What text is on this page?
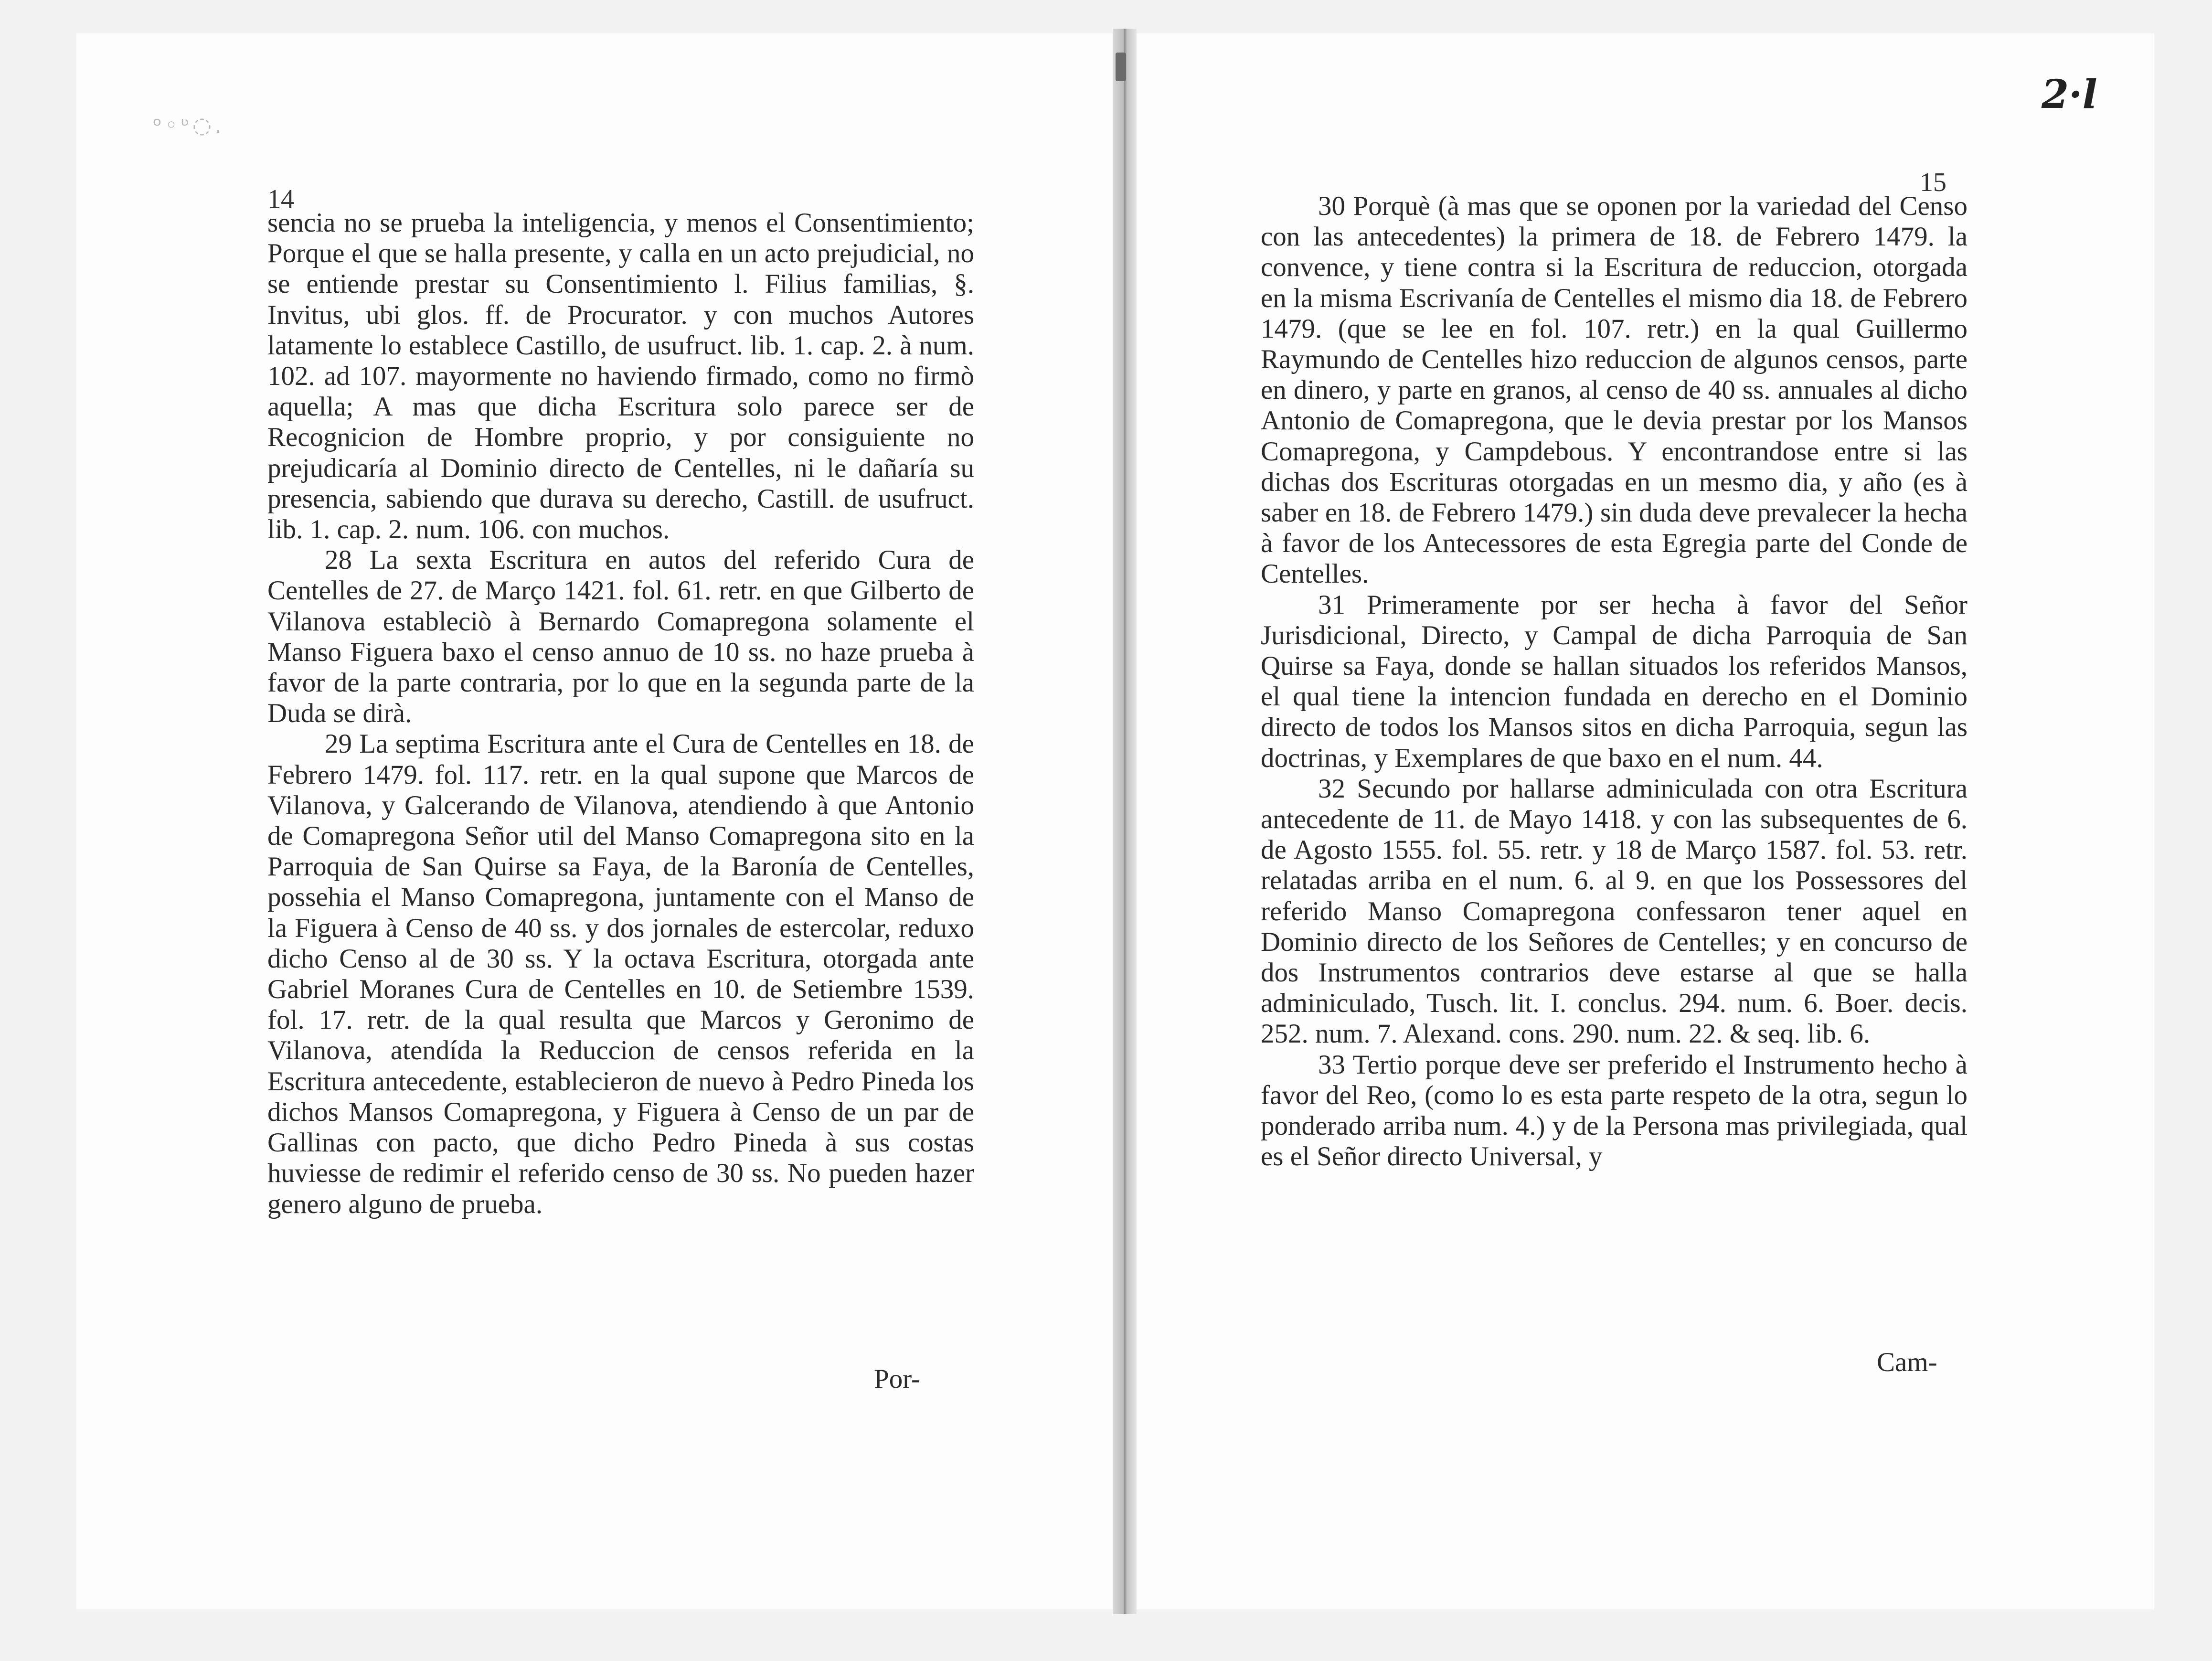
ᵒ◦ᶹ◌.
2·l
14
15

sencia no se prueba la inteligencia, y menos el Consentimiento; Porque el que se halla presente, y calla en un acto prejudicial, no se entiende prestar su Consentimiento l. Filius familias, §. Invitus, ubi glos. ff. de Procurator. y con muchos Autores latamente lo establece Castillo, de usufruct. lib. 1. cap. 2. à num. 102. ad 107. mayormente no haviendo firmado, como no firmò aquella; A mas que dicha Escritura solo parece ser de Recognicion de Hombre proprio, y por consiguiente no prejudicaría al Dominio directo de Centelles, ni le dañaría su presencia, sabiendo que durava su derecho, Castill. de usufruct. lib. 1. cap. 2. num. 106. con muchos.

28 La sexta Escritura en autos del referido Cura de Centelles de 27. de Março 1421. fol. 61. retr. en que Gilberto de Vilanova estableciò à Bernardo Comapregona solamente el Manso Figuera baxo el censo annuo de 10 ss. no haze prueba à favor de la parte contraria, por lo que en la segunda parte de la Duda se dirà.

29 La septima Escritura ante el Cura de Centelles en 18. de Febrero 1479. fol. 117. retr. en la qual supone que Marcos de Vilanova, y Galcerando de Vilanova, atendiendo à que Antonio de Comapregona Señor util del Manso Comapregona sito en la Parroquia de San Quirse sa Faya, de la Baronía de Centelles, possehia el Manso Comapregona, juntamente con el Manso de la Figuera à Censo de 40 ss. y dos jornales de estercolar, reduxo dicho Censo al de 30 ss. Y la octava Escritura, otorgada ante Gabriel Moranes Cura de Centelles en 10. de Setiembre 1539. fol. 17. retr. de la qual resulta que Marcos y Geronimo de Vilanova, atendída la Reduccion de censos referida en la Escritura antecedente, establecieron de nuevo à Pedro Pineda los dichos Mansos Comapregona, y Figuera à Censo de un par de Gallinas con pacto, que dicho Pedro Pineda à sus costas huviesse de redimir el referido censo de 30 ss. No pueden hazer genero alguno de prueba.

Por-

30 Porquè (à mas que se oponen por la variedad del Censo con las antecedentes) la primera de 18. de Febrero 1479. la convence, y tiene contra si la Escritura de reduccion, otorgada en la misma Escrivanía de Centelles el mismo dia 18. de Febrero 1479. (que se lee en fol. 107. retr.) en la qual Guillermo Raymundo de Centelles hizo reduccion de algunos censos, parte en dinero, y parte en granos, al censo de 40 ss. annuales al dicho Antonio de Comapregona, que le devia prestar por los Mansos Comapregona, y Campdebous. Y encontrandose entre si las dichas dos Escrituras otorgadas en un mesmo dia, y año (es à saber en 18. de Febrero 1479.) sin duda deve prevalecer la hecha à favor de los Antecessores de esta Egregia parte del Conde de Centelles.

31 Primeramente por ser hecha à favor del Señor Jurisdicional, Directo, y Campal de dicha Parroquia de San Quirse sa Faya, donde se hallan situados los referidos Mansos, el qual tiene la intencion fundada en derecho en el Dominio directo de todos los Mansos sitos en dicha Parroquia, segun las doctrinas, y Exemplares de que baxo en el num. 44.

32 Secundo por hallarse adminiculada con otra Escritura antecedente de 11. de Mayo 1418. y con las subsequentes de 6. de Agosto 1555. fol. 55. retr. y 18 de Março 1587. fol. 53. retr. relatadas arriba en el num. 6. al 9. en que los Possessores del referido Manso Comapregona confessaron tener aquel en Dominio directo de los Señores de Centelles; y en concurso de dos Instrumentos contrarios deve estarse al que se halla adminiculado, Tusch. lit. I. conclus. 294. num. 6. Boer. decis. 252. num. 7. Alexand. cons. 290. num. 22. & seq. lib. 6.

33 Tertio porque deve ser preferido el Instrumento hecho à favor del Reo, (como lo es esta parte respeto de la otra, segun lo ponderado arriba num. 4.) y de la Persona mas privilegiada, qual es el Señor directo Universal, y

Cam-
